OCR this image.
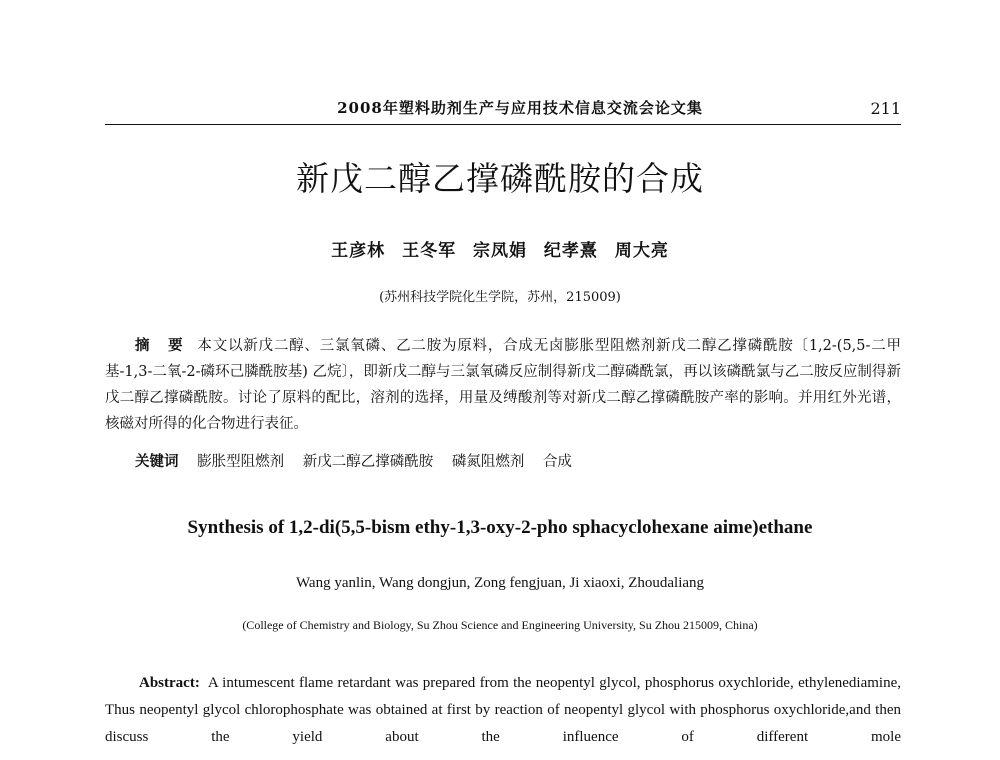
2008年塑料助剂生产与应用技术信息交流会论文集	211
新戊二醇乙撑磷酰胺的合成
王彦林 王冬军 宗凤娟 纪孝熹 周大亮
(苏州科技学院化生学院，苏州，215009)
摘 要 本文以新戊二醇、三氯氧磷、乙二胺为原料，合成无卤膨胀型阻燃剂新戊二醇乙撑磷酰胺〔1,2-(5,5-二甲基-1,3-二氧-2-磷环己膦酰胺基) 乙烷〕，即新戊二醇与三氯氧磷反应制得新戊二醇磷酰氯，再以该磷酰氯与乙二胺反应制得新戊二醇乙撑磷酰胺。讨论了原料的配比，溶剂的选择，用量及缚酸剂等对新戊二醇乙撑磷酰胺产率的影响。并用红外光谱，核磁对所得的化合物进行表征。
关键词 膨胀型阻燃剂 新戊二醇乙撑磷酰胺 磷氮阻燃剂 合成
Synthesis of 1,2-di(5,5-bism ethy-1,3-oxy-2-pho sphacyclohexane aime)ethane
Wang yanlin, Wang dongjun, Zong fengjuan, Ji xiaoxi, Zhoudaliang
(College of Chemistry and Biology, Su Zhou Science and Engineering University, Su Zhou 215009, China)
Abstract: A intumescent flame retardant was prepared from the neopentyl glycol, phosphorus oxychloride, ethylenediamine, Thus neopentyl glycol chlorophosphate was obtained at first by reaction of neopentyl glycol with phosphorus oxychloride,and then discuss the yield about the influence of different mole
